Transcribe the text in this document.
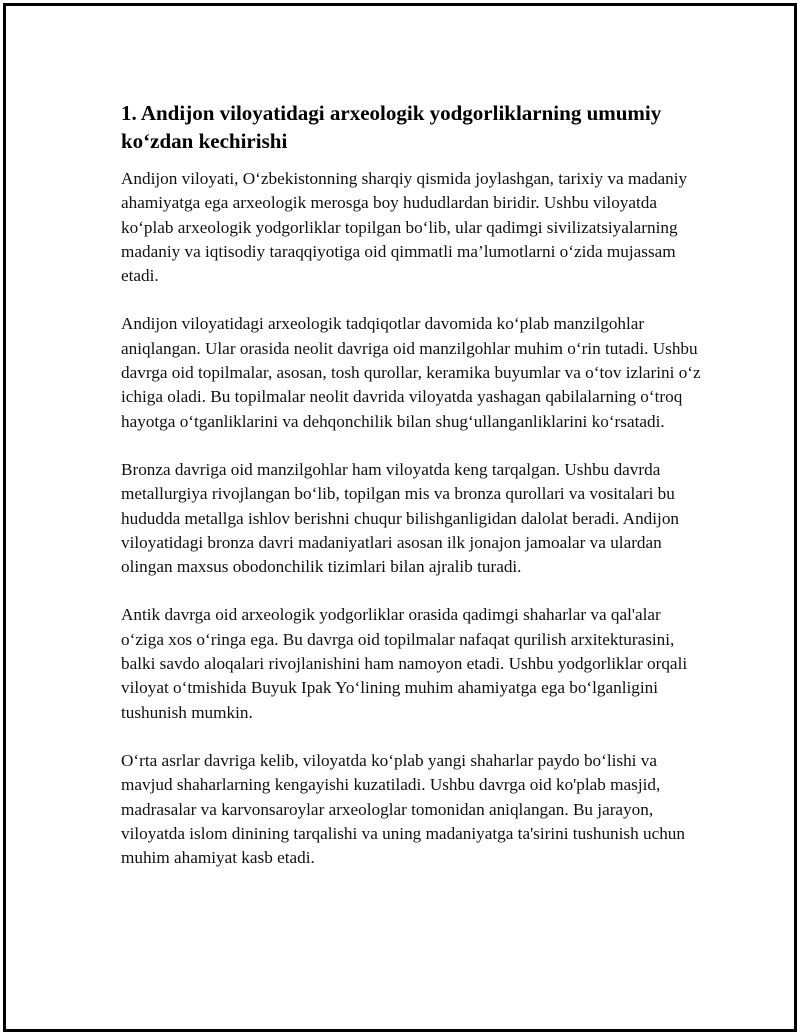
1. Andijon viloyatidagi arxeologik yodgorliklarning umumiy ko‘zdan kechirishi

Andijon viloyati, O‘zbekistonning sharqiy qismida joylashgan, tarixiy va madaniy ahamiyatga ega arxeologik merosga boy hududlardan biridir. Ushbu viloyatda ko‘plab arxeologik yodgorliklar topilgan bo‘lib, ular qadimgi sivilizatsiyalarning madaniy va iqtisodiy taraqqiyotiga oid qimmatli ma’lumotlarni o‘zida mujassam etadi.

Andijon viloyatidagi arxeologik tadqiqotlar davomida ko‘plab manzilgohlar aniqlangan. Ular orasida neolit davriga oid manzilgohlar muhim o‘rin tutadi. Ushbu davrga oid topilmalar, asosan, tosh qurollar, keramika buyumlar va o‘tov izlarini o‘z ichiga oladi. Bu topilmalar neolit davrida viloyatda yashagan qabilalarning o‘troq hayotga o‘tganliklarini va dehqonchilik bilan shug‘ullanganliklarini ko‘rsatadi.

Bronza davriga oid manzilgohlar ham viloyatda keng tarqalgan. Ushbu davrda metallurgiya rivojlangan bo‘lib, topilgan mis va bronza qurollari va vositalari bu hududda metallga ishlov berishni chuqur bilishganligidan dalolat beradi. Andijon viloyatidagi bronza davri madaniyatlari asosan ilk jonajon jamoalar va ulardan olingan maxsus obodonchilik tizimlari bilan ajralib turadi.

Antik davrga oid arxeologik yodgorliklar orasida qadimgi shaharlar va qal'alar o‘ziga xos o‘ringa ega. Bu davrga oid topilmalar nafaqat qurilish arxitekturasini, balki savdo aloqalari rivojlanishini ham namoyon etadi. Ushbu yodgorliklar orqali viloyat o‘tmishida Buyuk Ipak Yo‘lining muhim ahamiyatga ega bo‘lganligini tushunish mumkin.

O‘rta asrlar davriga kelib, viloyatda ko‘plab yangi shaharlar paydo bo‘lishi va mavjud shaharlarning kengayishi kuzatiladi. Ushbu davrga oid ko'plab masjid, madrasalar va karvonsaroylar arxeologlar tomonidan aniqlangan. Bu jarayon, viloyatda islom dinining tarqalishi va uning madaniyatga ta'sirini tushunish uchun muhim ahamiyat kasb etadi.
